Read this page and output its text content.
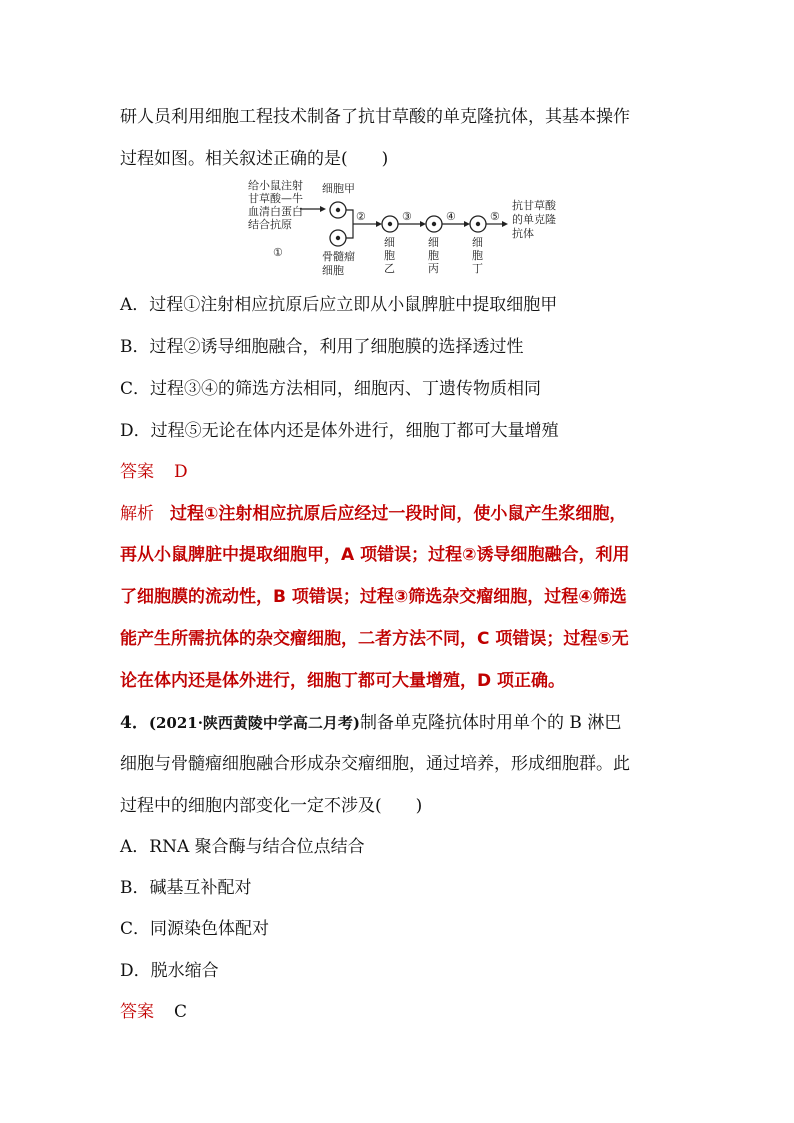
研人员利用细胞工程技术制备了抗甘草酸的单克隆抗体，其基本操作
过程如图。相关叙述正确的是(　　)
给小鼠注射
甘草酸—牛
血清白蛋白
结合抗原
①
细胞甲
骨髓瘤
细胞
②
细
胞
乙
③
细
胞
丙
④
细
胞
丁
⑤
抗甘草酸
的单克隆
抗体
A．过程①注射相应抗原后应立即从小鼠脾脏中提取细胞甲
B．过程②诱导细胞融合，利用了细胞膜的选择透过性
C．过程③④的筛选方法相同，细胞丙、丁遗传物质相同
D．过程⑤无论在体内还是体外进行，细胞丁都可大量增殖
答案 D
解析 过程①注射相应抗原后应经过一段时间，使小鼠产生浆细胞，
再从小鼠脾脏中提取细胞甲，A 项错误；过程②诱导细胞融合，利用
了细胞膜的流动性，B 项错误；过程③筛选杂交瘤细胞，过程④筛选
能产生所需抗体的杂交瘤细胞，二者方法不同，C 项错误；过程⑤无
论在体内还是体外进行，细胞丁都可大量增殖，D 项正确。
4．(2021·陕西黄陵中学高二月考)制备单克隆抗体时用单个的 B 淋巴
细胞与骨髓瘤细胞融合形成杂交瘤细胞，通过培养，形成细胞群。此
过程中的细胞内部变化一定不涉及(　　)
A．RNA 聚合酶与结合位点结合
B．碱基互补配对
C．同源染色体配对
D．脱水缩合
答案 C
